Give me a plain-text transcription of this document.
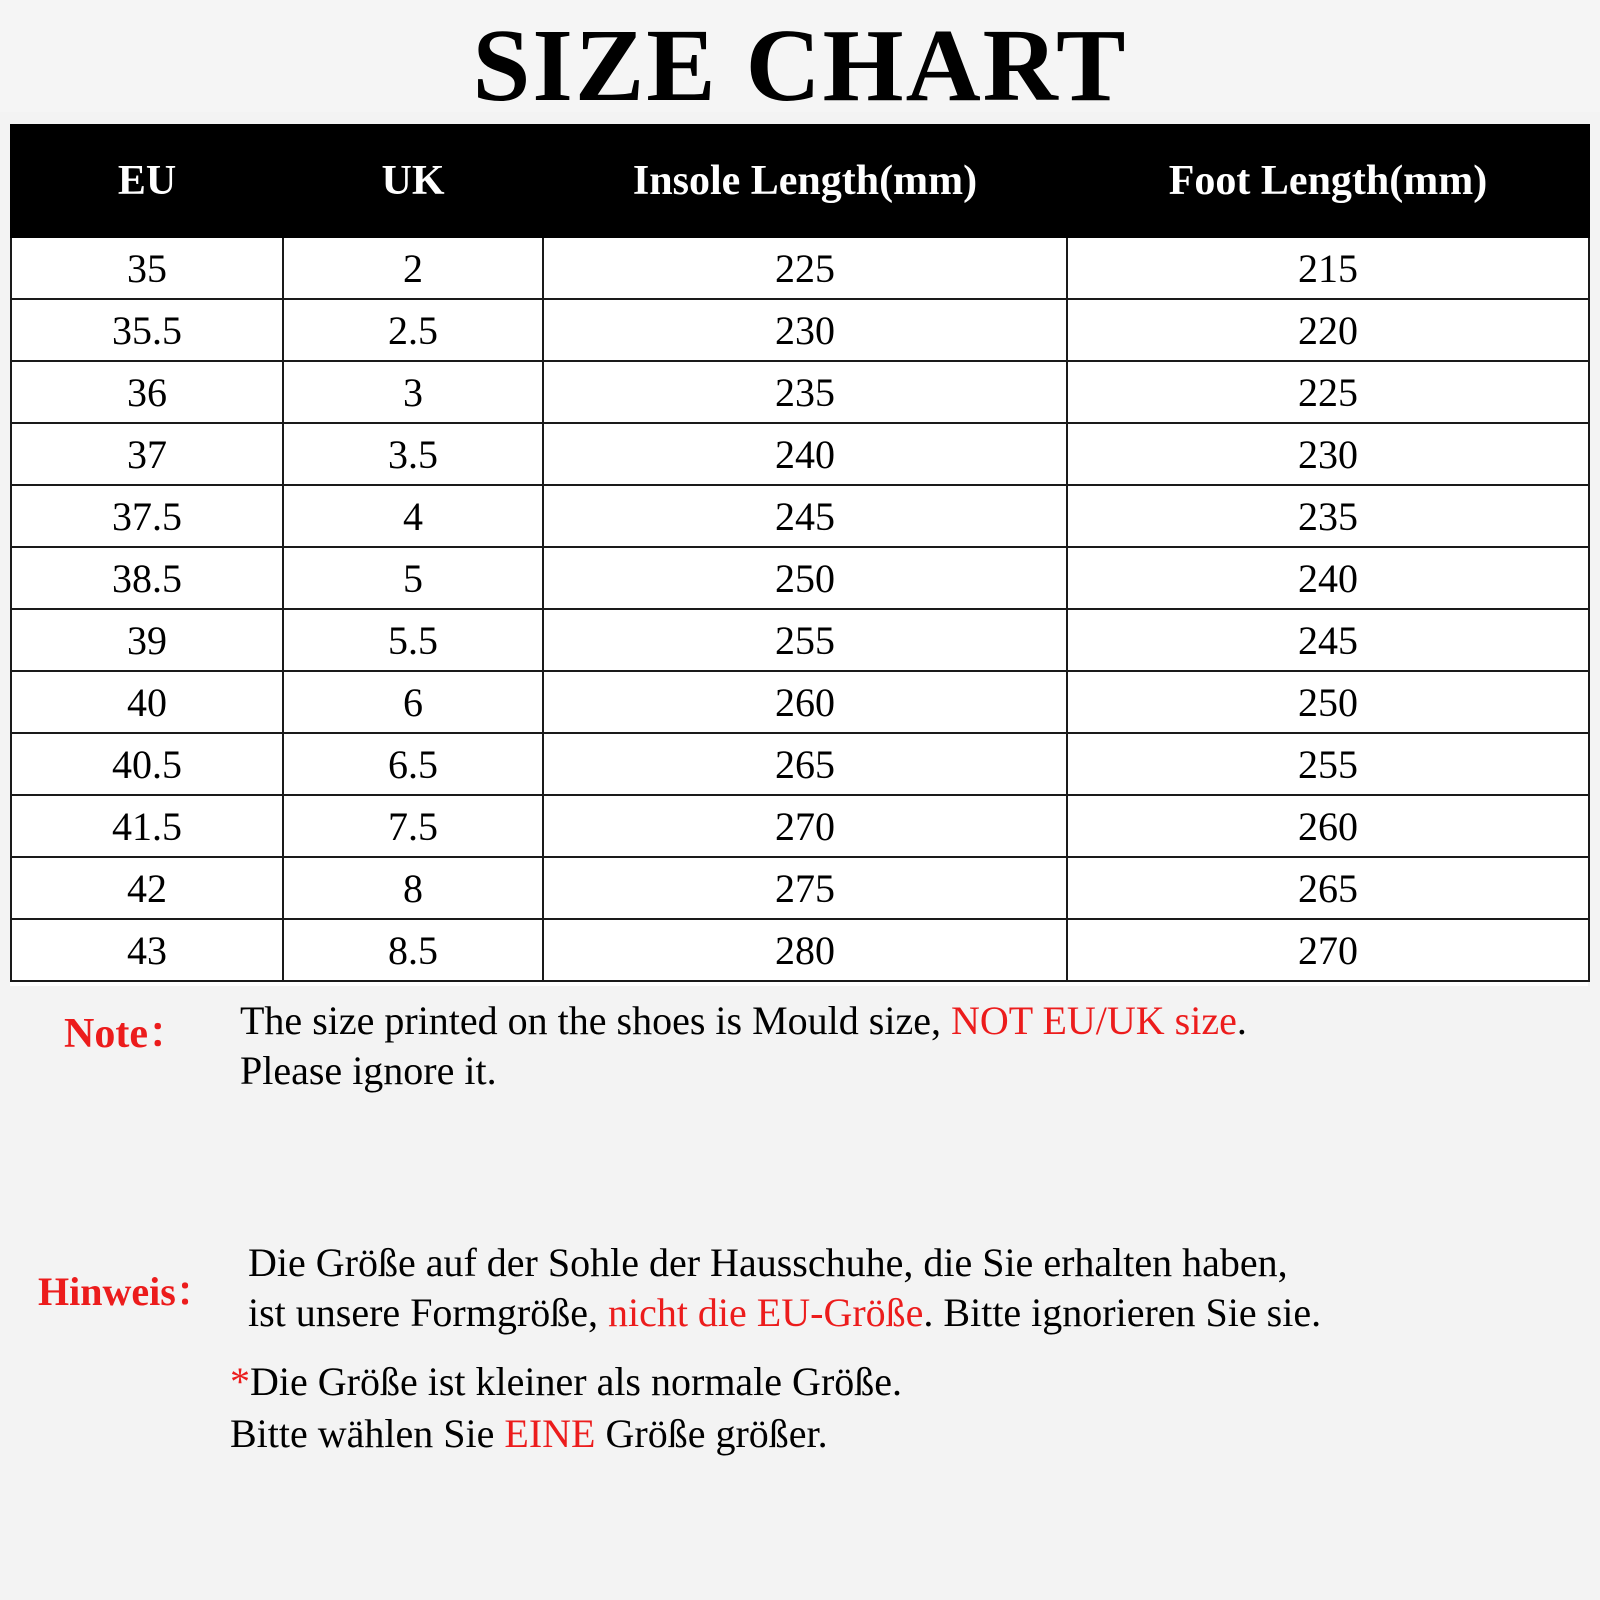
SIZE CHART
EU	UK	Insole Length(mm)	Foot Length(mm)
35	2	225	215
35.5	2.5	230	220
36	3	235	225
37	3.5	240	230
37.5	4	245	235
38.5	5	250	240
39	5.5	255	245
40	6	260	250
40.5	6.5	265	255
41.5	7.5	270	260
42	8	275	265
43	8.5	280	270
Note： The size printed on the shoes is Mould size, NOT EU/UK size.
Please ignore it.
Hinweis：
Die Größe auf der Sohle der Hausschuhe, die Sie erhalten haben,
ist unsere Formgröße, nicht die EU-Größe. Bitte ignorieren Sie sie.
*Die Größe ist kleiner als normale Größe.
Bitte wählen Sie EINE Größe größer.
